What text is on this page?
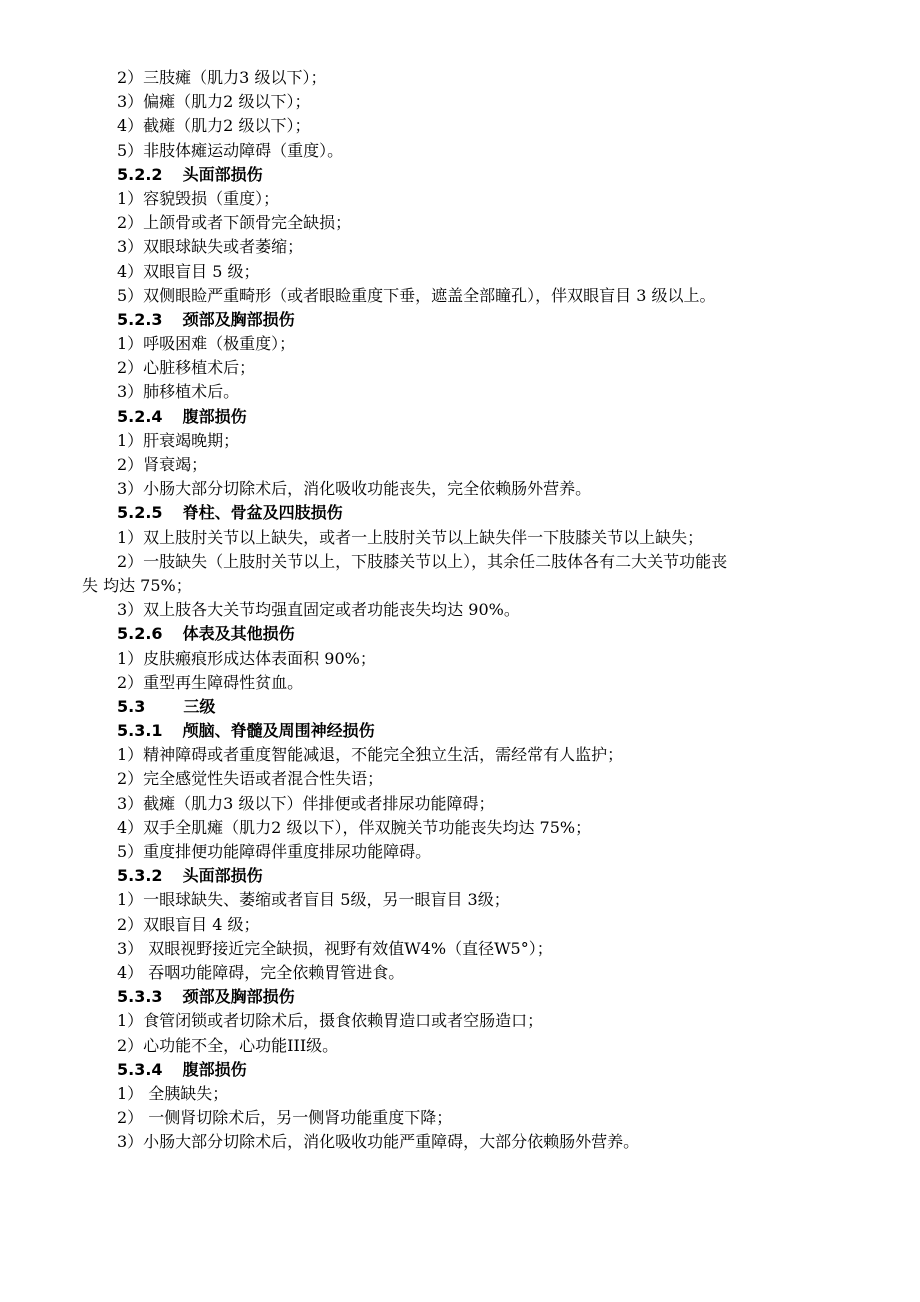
2）三肢瘫（肌力3 级以下）；
3）偏瘫（肌力2 级以下）；
4）截瘫（肌力2 级以下）；
5）非肢体瘫运动障碍（重度）。
5.2.2 头面部损伤
1）容貌毁损（重度）；
2）上颌骨或者下颌骨完全缺损；
3）双眼球缺失或者萎缩；
4）双眼盲目 5 级；
5）双侧眼睑严重畸形（或者眼睑重度下垂，遮盖全部瞳孔），伴双眼盲目 3 级以上。
5.2.3 颈部及胸部损伤
1）呼吸困难（极重度）；
2）心脏移植术后；
3）肺移植术后。
5.2.4 腹部损伤
1）肝衰竭晚期；
2）肾衰竭；
3）小肠大部分切除术后，消化吸收功能丧失，完全依赖肠外营养。
5.2.5 脊柱、骨盆及四肢损伤
1）双上肢肘关节以上缺失，或者一上肢肘关节以上缺失伴一下肢膝关节以上缺失；
2）一肢缺失（上肢肘关节以上，下肢膝关节以上），其余任二肢体各有二大关节功能丧
失 均达 75%；
3）双上肢各大关节均强直固定或者功能丧失均达 90%。
5.2.6 体表及其他损伤
1）皮肤瘢痕形成达体表面积 90%；
2）重型再生障碍性贫血。
5.3 三级
5.3.1 颅脑、脊髓及周围神经损伤
1）精神障碍或者重度智能减退，不能完全独立生活，需经常有人监护；
2）完全感觉性失语或者混合性失语；
3）截瘫（肌力3 级以下）伴排便或者排尿功能障碍；
4）双手全肌瘫（肌力2 级以下），伴双腕关节功能丧失均达 75%；
5）重度排便功能障碍伴重度排尿功能障碍。
5.3.2 头面部损伤
1）一眼球缺失、萎缩或者盲目 5级，另一眼盲目 3级；
2）双眼盲目 4 级；
3） 双眼视野接近完全缺损，视野有效值W4%（直径W5°）；
4） 吞咽功能障碍，完全依赖胃管进食。
5.3.3 颈部及胸部损伤
1）食管闭锁或者切除术后，摄食依赖胃造口或者空肠造口；
2）心功能不全，心功能III级。
5.3.4 腹部损伤
1） 全胰缺失；
2） 一侧肾切除术后，另一侧肾功能重度下降；
3）小肠大部分切除术后，消化吸收功能严重障碍，大部分依赖肠外营养。
